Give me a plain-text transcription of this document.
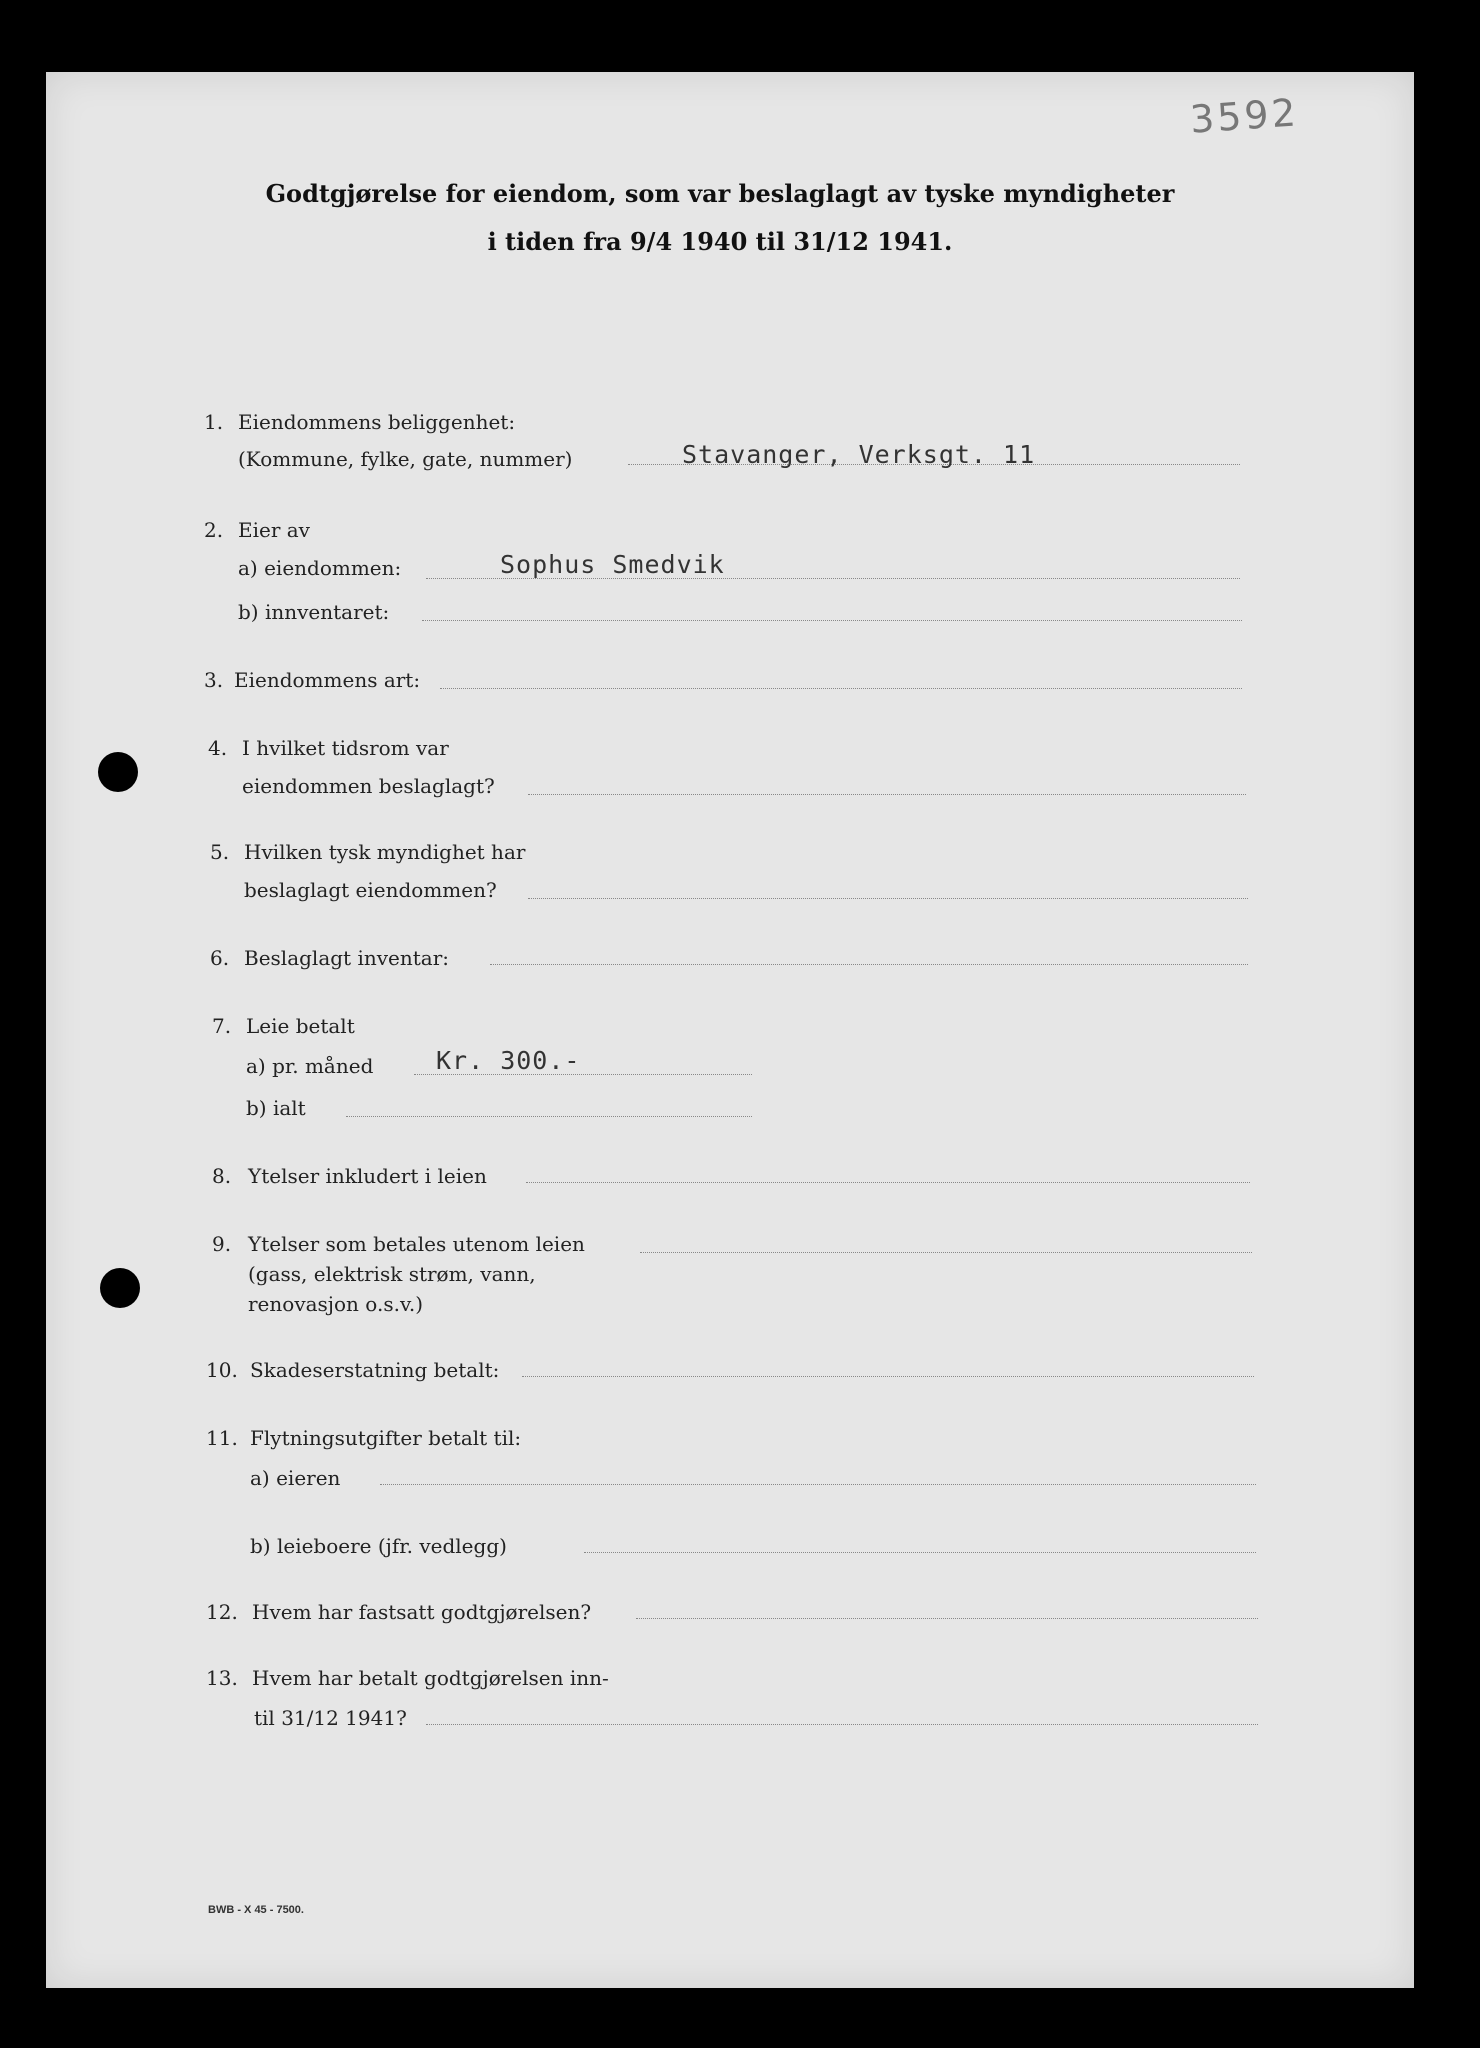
3592
Godtgjørelse for eiendom, som var beslaglagt av tyske myndigheter
i tiden fra 9/4 1940 til 31/12 1941.
1. Eiendommens beliggenhet:
(Kommune, fylke, gate, nummer)	Stavanger, Verksgt. 11
2. Eier av
a) eiendommen:	Sophus Smedvik
b) innventaret:
3. Eiendommens art:
4. I hvilket tidsrom var
eiendommen beslaglagt?
5. Hvilken tysk myndighet har
beslaglagt eiendommen?
6. Beslaglagt inventar:
7. Leie betalt
a) pr. måned	Kr. 300.-
b) ialt
8. Ytelser inkludert i leien
9. Ytelser som betales utenom leien
(gass, elektrisk strøm, vann,
renovasjon o.s.v.)
10. Skadeserstatning betalt:
11. Flytningsutgifter betalt til:
a) eieren
b) leieboere (jfr. vedlegg)
12. Hvem har fastsatt godtgjørelsen?
13. Hvem har betalt godtgjørelsen inn-
til 31/12 1941?
BWB - X 45 - 7500.
